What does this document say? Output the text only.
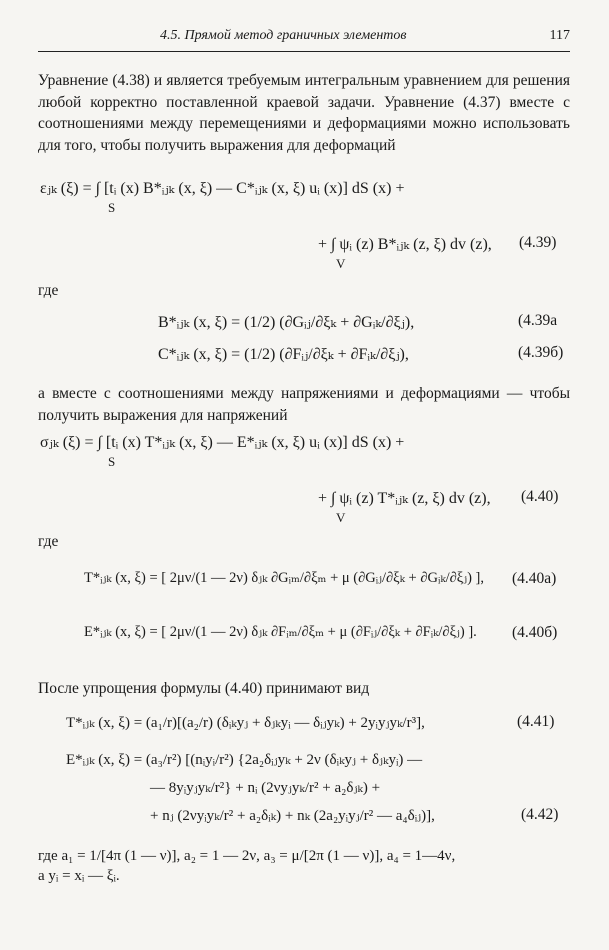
4.5. Прямой метод граничных элементов	117
Уравнение (4.38) и является требуемым интегральным уравнением для решения любой корректно поставленной краевой задачи. Уравнение (4.37) вместе с соотношениями между перемещениями и деформациями можно использовать для того, чтобы получить выражения для деформаций
εⱼₖ (ξ) = ∫ [tᵢ (x) B*ᵢⱼₖ (x, ξ) — C*ᵢⱼₖ (x, ξ) uᵢ (x)] dS (x) +
S
+ ∫ ψᵢ (z) B*ᵢⱼₖ (z, ξ) dv (z),
V
(4.39)
где
B*ᵢⱼₖ (x, ξ) = (1/2) (∂Gᵢⱼ/∂ξₖ + ∂Gᵢₖ/∂ξⱼ),	(4.39a
C*ᵢⱼₖ (x, ξ) = (1/2) (∂Fᵢⱼ/∂ξₖ + ∂Fᵢₖ/∂ξⱼ),	(4.39б)
а вместе с соотношениями между напряжениями и деформациями — чтобы получить выражения для напряжений
σⱼₖ (ξ) = ∫ [tᵢ (x) T*ᵢⱼₖ (x, ξ) — E*ᵢⱼₖ (x, ξ) uᵢ (x)] dS (x) +
S
+ ∫ ψᵢ (z) T*ᵢⱼₖ (z, ξ) dv (z),
V
(4.40)
где
T*ᵢⱼₖ (x, ξ) = [ 2μν/(1 — 2ν) δⱼₖ ∂Gᵢₘ/∂ξₘ + μ (∂Gᵢⱼ/∂ξₖ + ∂Gᵢₖ/∂ξⱼ) ], (4.40a)
E*ᵢⱼₖ (x, ξ) = [ 2μν/(1 — 2ν) δⱼₖ ∂Fᵢₘ/∂ξₘ + μ (∂Fᵢⱼ/∂ξₖ + ∂Fᵢₖ/∂ξⱼ) ]. (4.40б)
После упрощения формулы (4.40) принимают вид
T*ᵢⱼₖ (x, ξ) = (a₁/r)[(a₂/r) (δᵢₖyⱼ + δⱼₖyᵢ — δᵢⱼyₖ) + 2yᵢyⱼyₖ/r³],	(4.41)
E*ᵢⱼₖ (x, ξ) = (a₃/r²) [(nᵢyᵢ/r²) {2a₂δᵢⱼyₖ + 2ν (δᵢₖyⱼ + δⱼₖyᵢ) —
— 8yᵢyⱼyₖ/r²} + nᵢ (2νyⱼyₖ/r² + a₂δⱼₖ) +
+ nⱼ (2νyᵢyₖ/r² + a₂δᵢₖ) + nₖ (2a₂yᵢyⱼ/r² — a₄δᵢⱼ)],	(4.42)
где a₁ = 1/[4π (1 — ν)], a₂ = 1 — 2ν, a₃ = μ/[2π (1 — ν)], a₄ = 1—4ν,
а yᵢ = xᵢ — ξᵢ.
